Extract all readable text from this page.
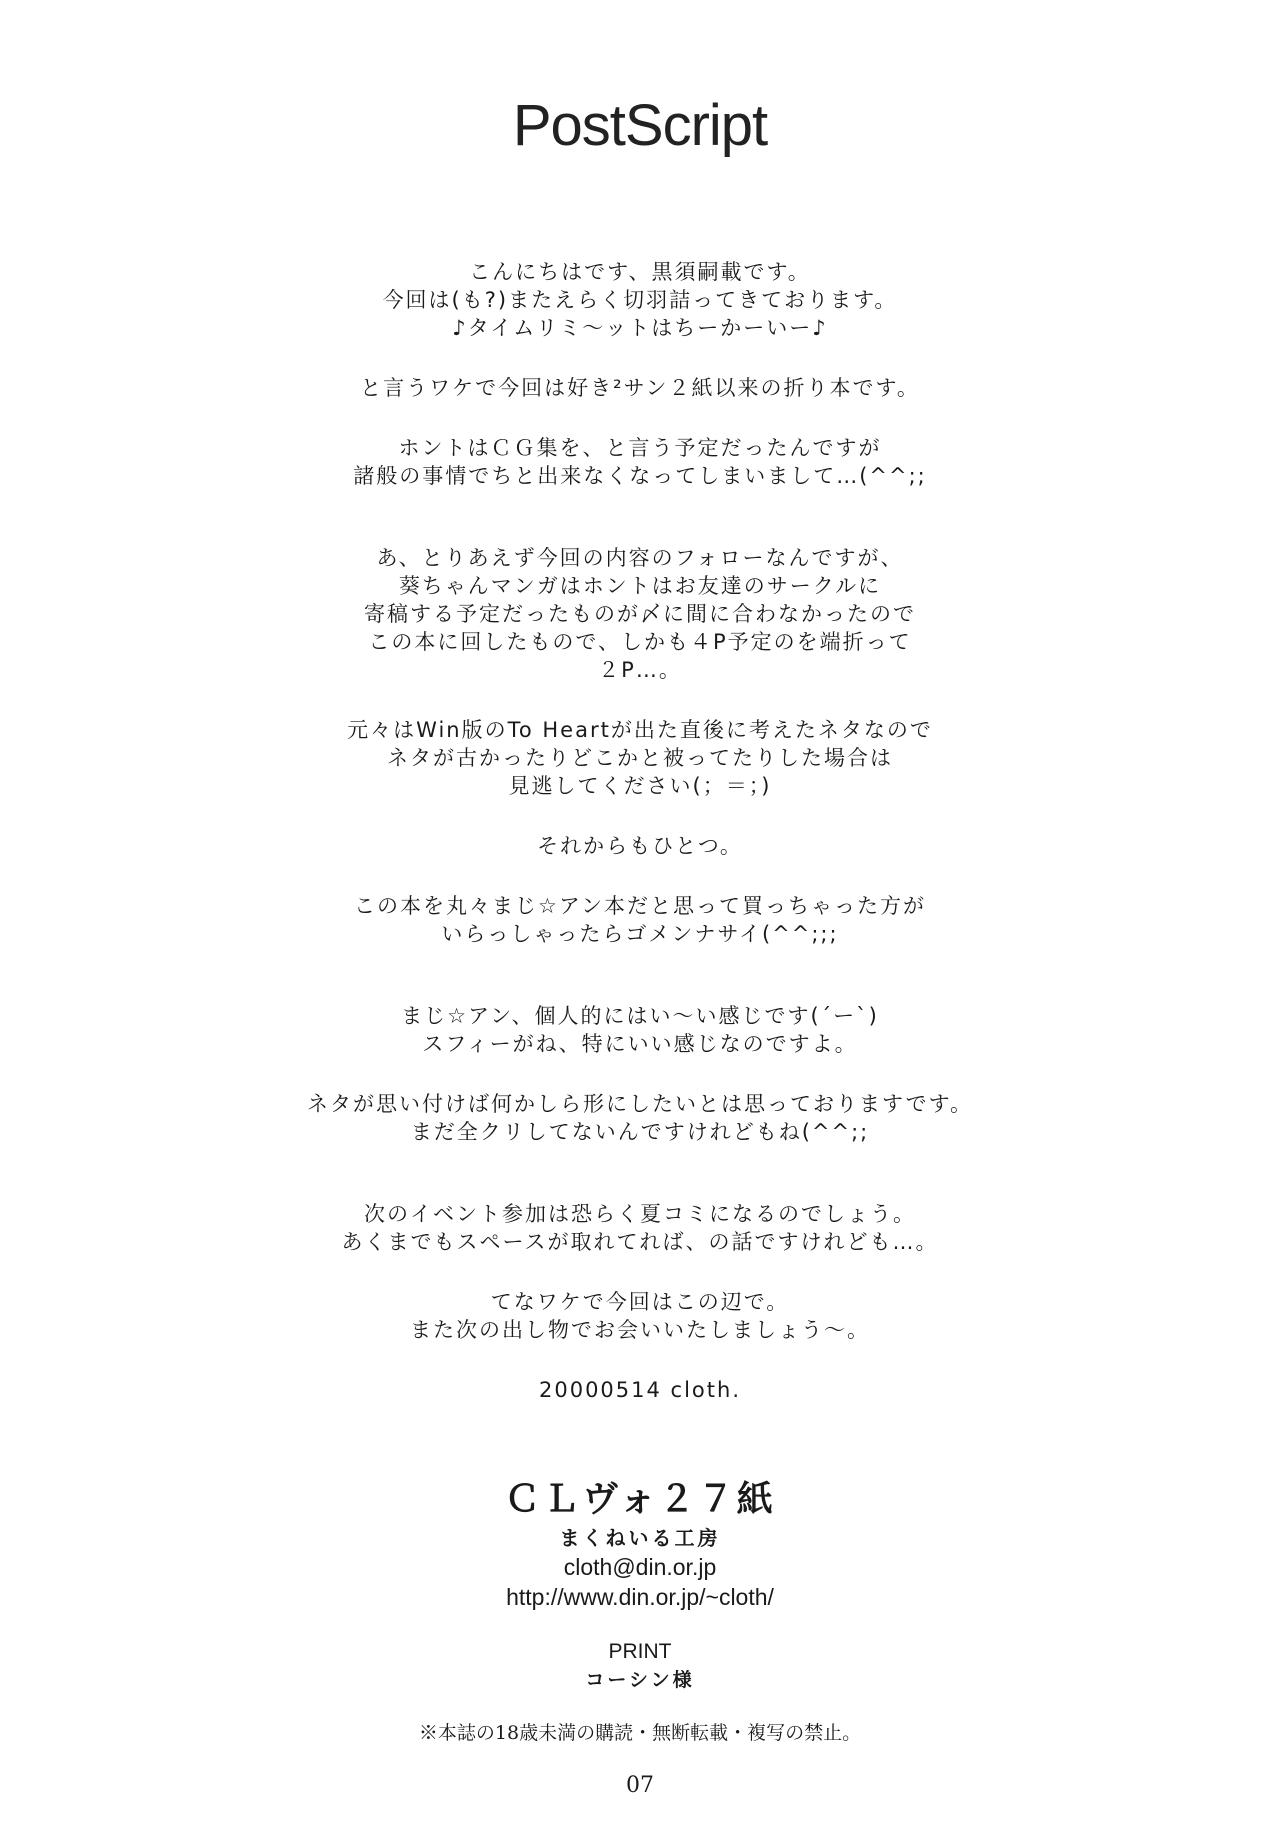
PostScript
こんにちはです、黒須嗣載です。
今回は(も?)またえらく切羽詰ってきております。
♪タイムリミ〜ットはちーかーいー♪
と言うワケで今回は好き²サン２紙以来の折り本です。
ホントはＣＧ集を、と言う予定だったんですが
諸般の事情でちと出来なくなってしまいまして…(^^;;
あ、とりあえず今回の内容のフォローなんですが、
葵ちゃんマンガはホントはお友達のサークルに
寄稿する予定だったものが〆に間に合わなかったので
この本に回したもので、しかも４P予定のを端折って
２P…。
元々はWin版のTo Heartが出た直後に考えたネタなので
ネタが古かったりどこかと被ってたりした場合は
見逃してください(；＝；)
それからもひとつ。
この本を丸々まじ☆アン本だと思って買っちゃった方が
いらっしゃったらゴメンナサイ(^^;;;
まじ☆アン、個人的にはい〜い感じです(´ー`)
スフィーがね、特にいい感じなのですよ。
ネタが思い付けば何かしら形にしたいとは思っておりますです。
まだ全クリしてないんですけれどもね(^^;;
次のイベント参加は恐らく夏コミになるのでしょう。
あくまでもスペースが取れてれば、の話ですけれども…。
てなワケで今回はこの辺で。
また次の出し物でお会いいたしましょう〜。
20000514 cloth.

ＣＬヴォ２７紙

まくねいる工房

cloth@din.or.jp

http://www.din.or.jp/~cloth/

PRINT

コーシン様

※本誌の18歳未満の購読・無断転載・複写の禁止。

07
